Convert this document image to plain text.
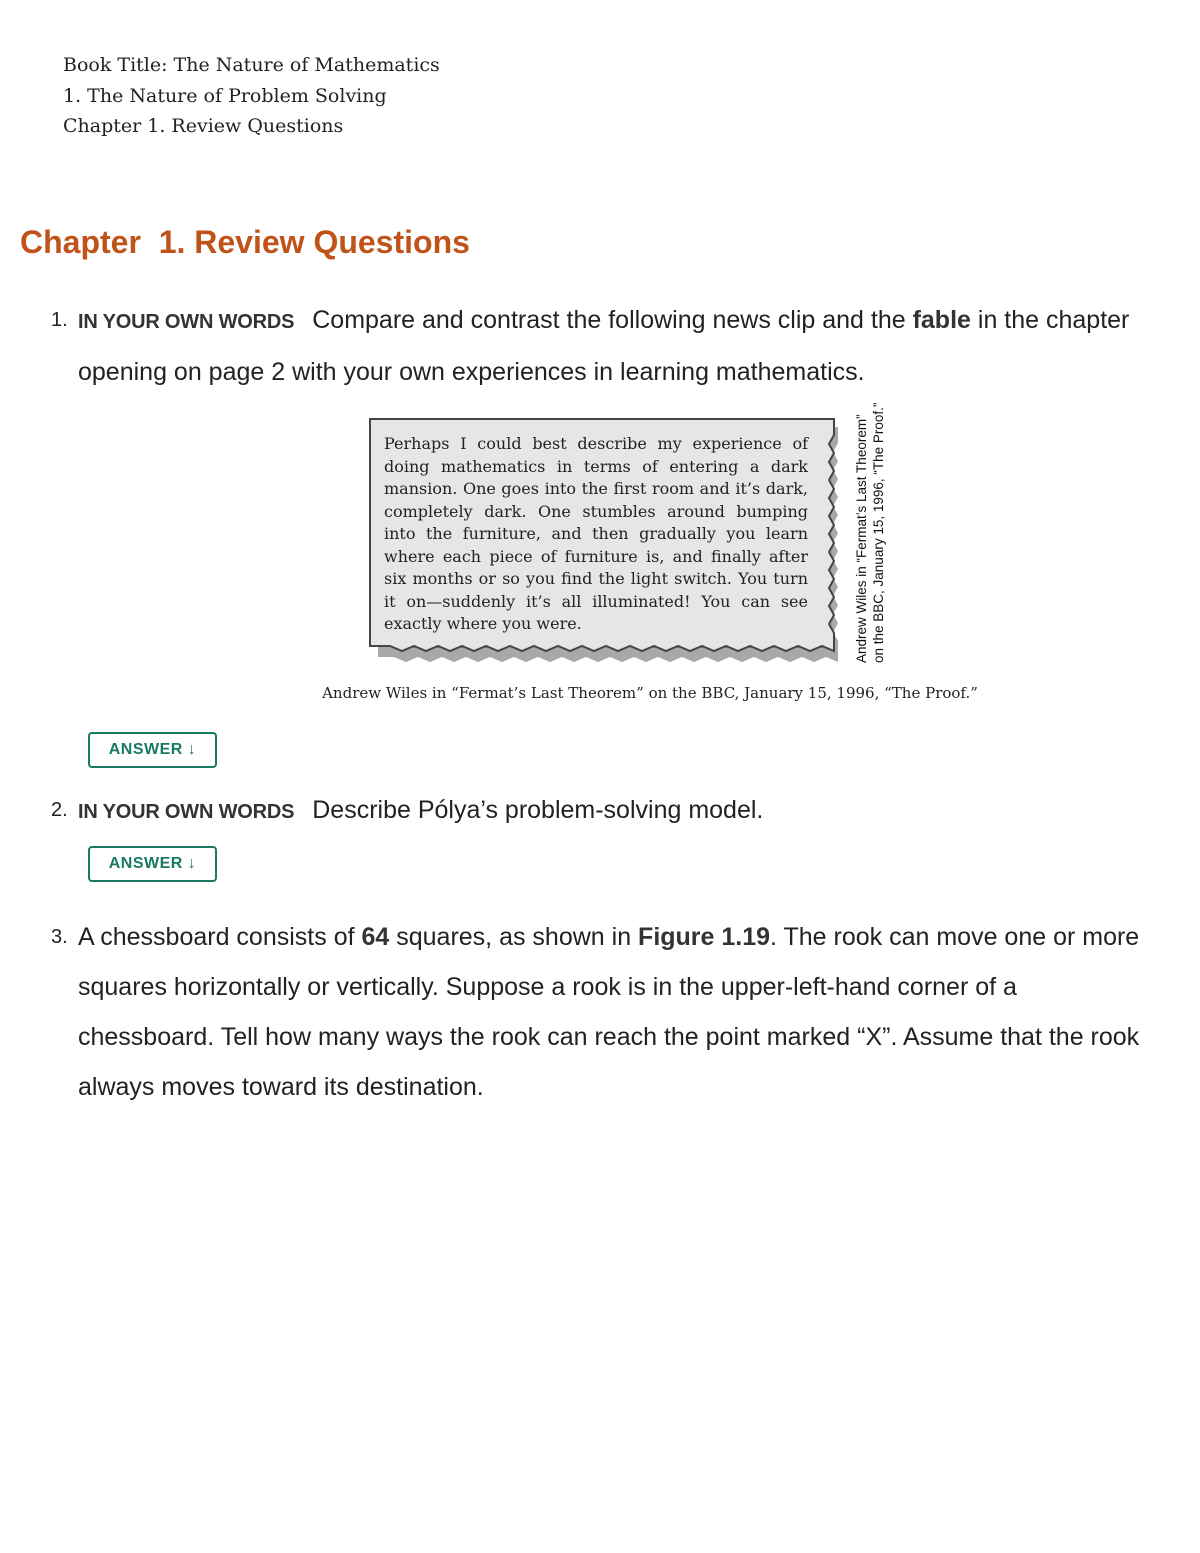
Book Title: The Nature of Mathematics
1. The Nature of Problem Solving
Chapter 1. Review Questions
Chapter  1. Review Questions
1. IN YOUR OWN WORDS Compare and contrast the following news clip and the fable in the chapter opening on page 2 with your own experiences in learning mathematics.

Perhaps I could best describe my experience of doing mathematics in terms of entering a dark mansion. One goes into the first room and it’s dark, completely dark. One stumbles around bumping into the furniture, and then gradually you learn where each piece of furniture is, and finally after six months or so you find the light switch. You turn it on—suddenly it’s all illuminated! You can see exactly where you were.	Andrew Wiles in “Fermat’s Last Theorem” on the BBC, January 15, 1996, “The Proof.”

Andrew Wiles in “Fermat’s Last Theorem” on the BBC, January 15, 1996, “The Proof.”

ANSWER ↓
2. IN YOUR OWN WORDS Describe Pólya’s problem-solving model.
ANSWER ↓
3. A chessboard consists of 64 squares, as shown in Figure 1.19. The rook can move one or more squares horizontally or vertically. Suppose a rook is in the upper-left-hand corner of a chessboard. Tell how many ways the rook can reach the point marked “X”. Assume that the rook always moves toward its destination.
